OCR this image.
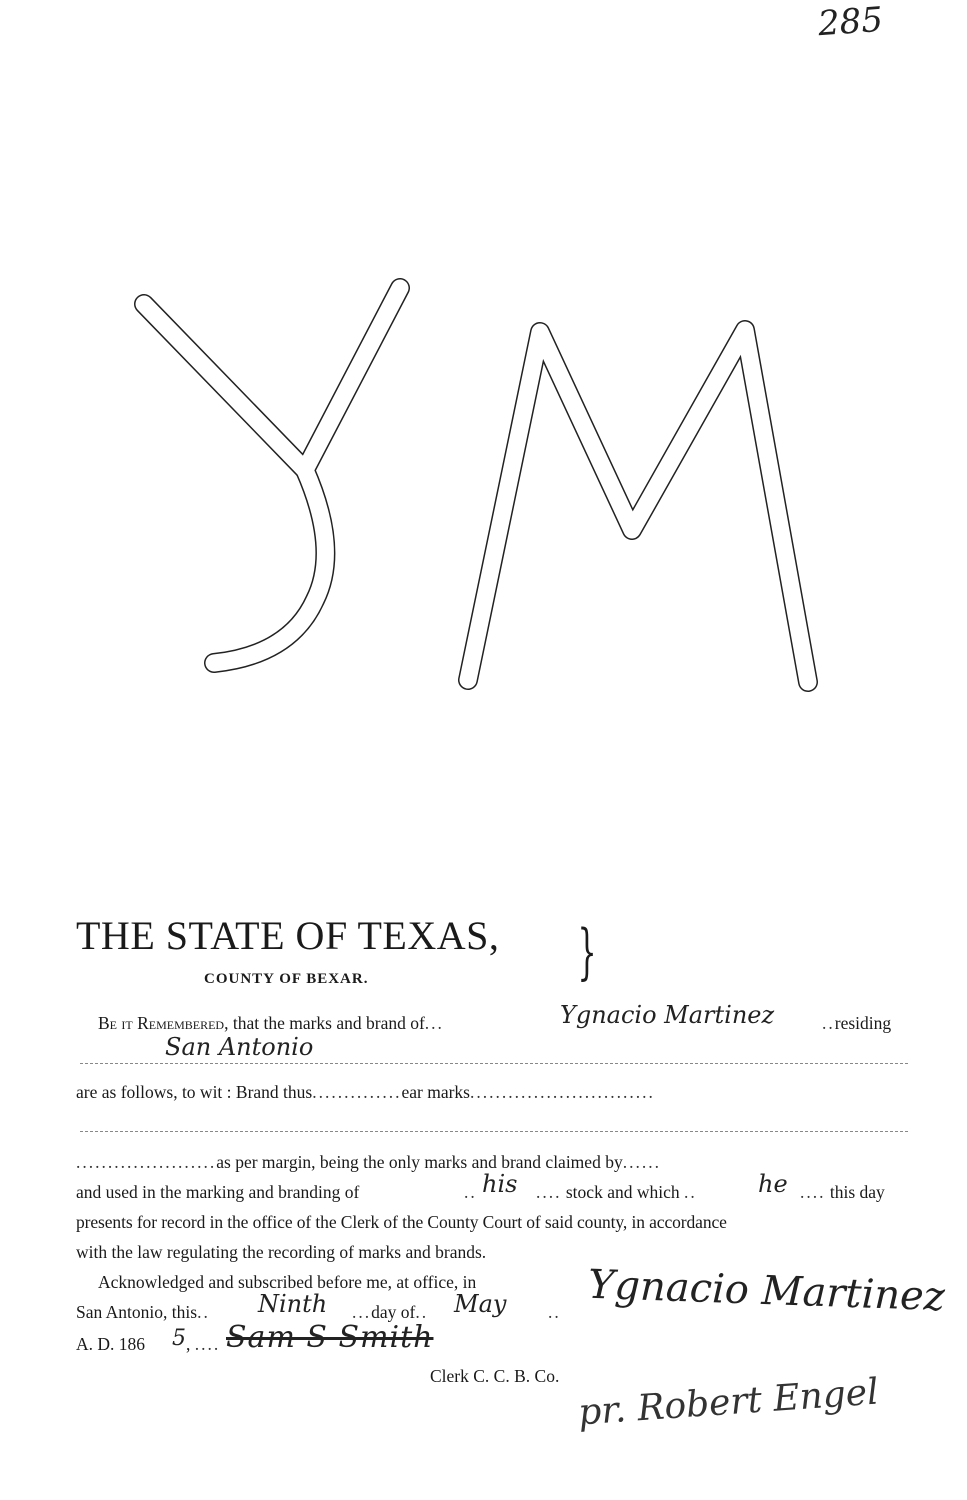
285
THE STATE OF TEXAS, }
COUNTY OF BEXAR.
Be it Remembered, that the marks and brand of...	Ygnacio Martinez	..residing
San Antonio
are as follows, to wit : Brand thus..............ear marks.............................
......................as per margin, being the only marks and brand claimed by......
and used in the marking and branding of	.. his .... stock and which ..	he .... this day
presents for record in the office of the Clerk of the County Court of said county, in accordance
with the law regulating the recording of marks and brands.
Acknowledged and subscribed before me, at office, in
San Antonio, this.. Ninth ...day of.. May ..
A. D. 186 5 , .... Sam S Smith
Clerk C. C. B. Co.
Ygnacio Martinez
pr. Robert Engel
